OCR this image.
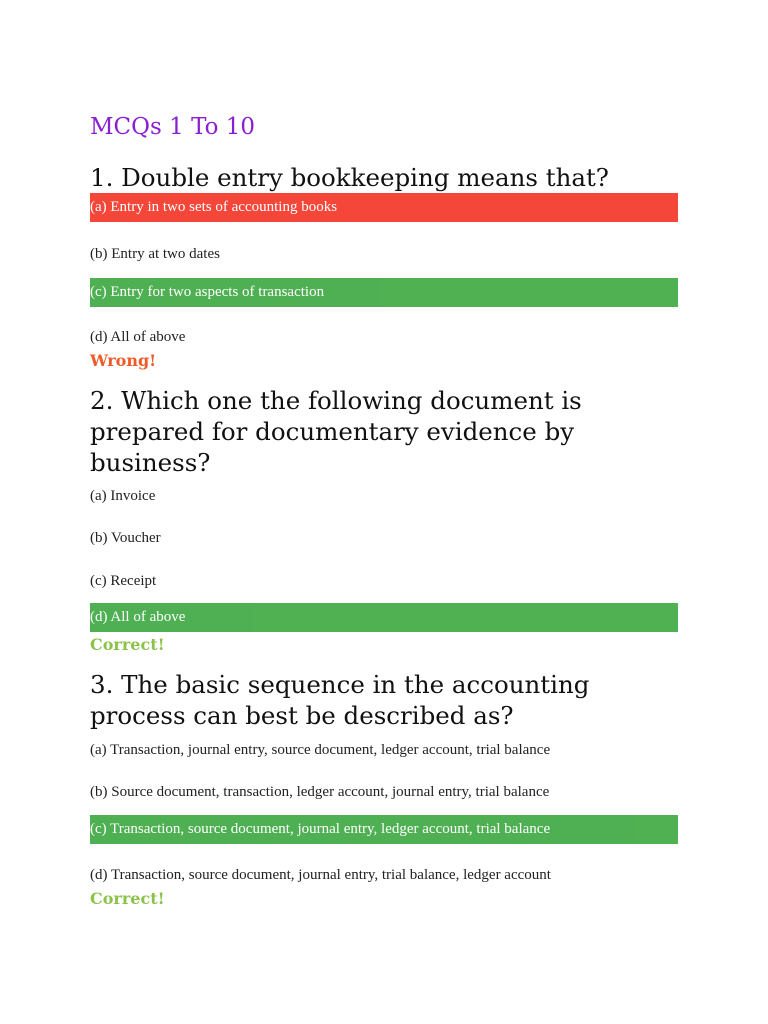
MCQs 1 To 10
1. Double entry bookkeeping means that?
(a) Entry in two sets of accounting books
(b) Entry at two dates
(c) Entry for two aspects of transaction
(d) All of above
Wrong!
2. Which one the following document is prepared for documentary evidence by business?
(a) Invoice
(b) Voucher
(c) Receipt
(d) All of above
Correct!
3. The basic sequence in the accounting process can best be described as?
(a) Transaction, journal entry, source document, ledger account, trial balance
(b) Source document, transaction, ledger account, journal entry, trial balance
(c) Transaction, source document, journal entry, ledger account, trial balance
(d) Transaction, source document, journal entry, trial balance, ledger account
Correct!
